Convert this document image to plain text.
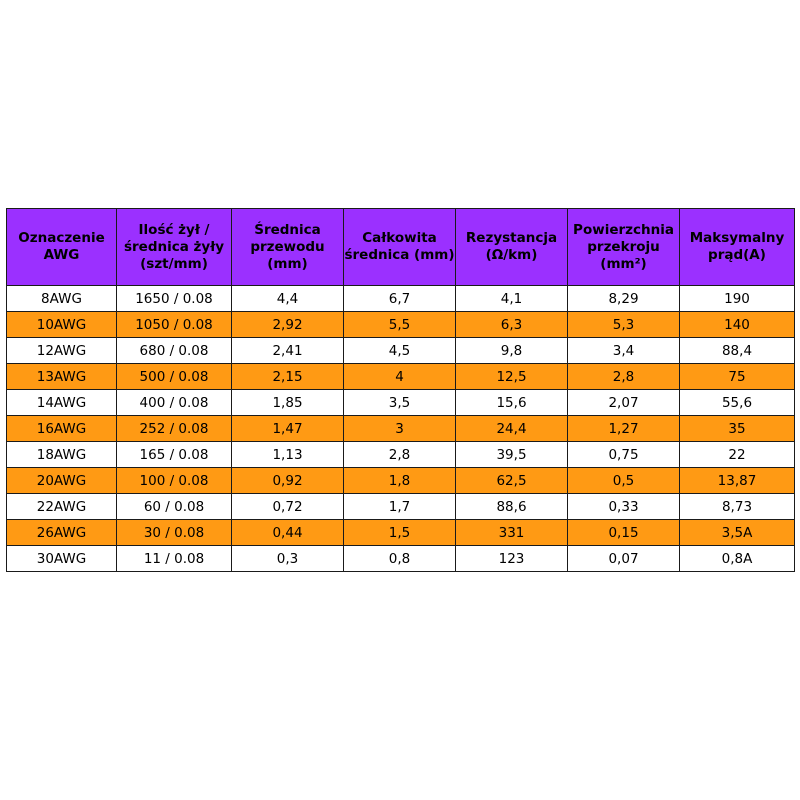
Oznaczenie AWG	Ilość żył / średnica żyły (szt/mm)	Średnica przewodu (mm)	Całkowita średnica (mm)	Rezystancja (Ω/km)	Powierzchnia przekroju (mm²)	Maksymalny prąd(A)
8AWG	1650 / 0.08	4,4	6,7	4,1	8,29	190
10AWG	1050 / 0.08	2,92	5,5	6,3	5,3	140
12AWG	680 / 0.08	2,41	4,5	9,8	3,4	88,4
13AWG	500 / 0.08	2,15	4	12,5	2,8	75
14AWG	400 / 0.08	1,85	3,5	15,6	2,07	55,6
16AWG	252 / 0.08	1,47	3	24,4	1,27	35
18AWG	165 / 0.08	1,13	2,8	39,5	0,75	22
20AWG	100 / 0.08	0,92	1,8	62,5	0,5	13,87
22AWG	60 / 0.08	0,72	1,7	88,6	0,33	8,73
26AWG	30 / 0.08	0,44	1,5	331	0,15	3,5A
30AWG	11 / 0.08	0,3	0,8	123	0,07	0,8A
